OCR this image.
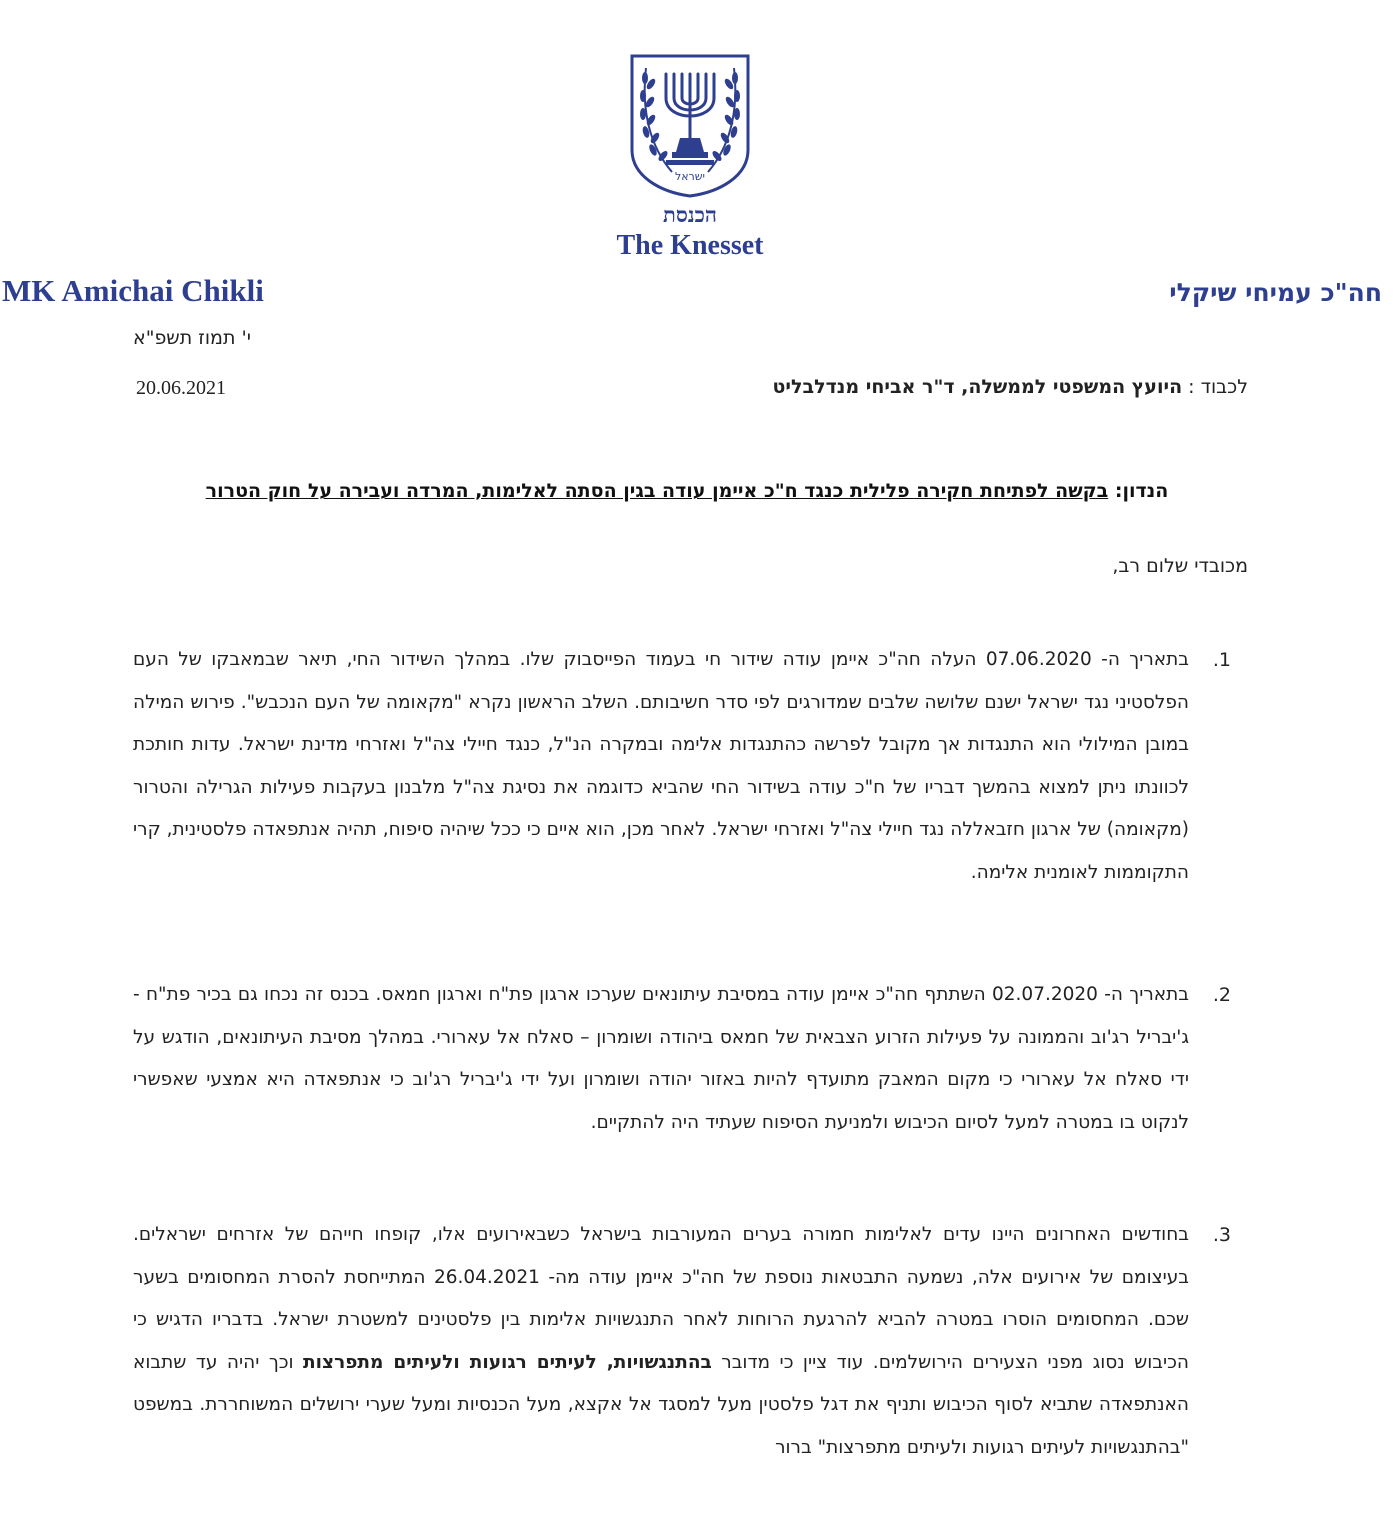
ישראל
הכנסת
The Knesset
MK Amichai Chikli	חה"כ עמיחי שיקלי
י' תמוז תשפ"א
20.06.2021	לכבוד : היועץ המשפטי לממשלה, ד"ר אביחי מנדלבליט
הנדון: בקשה לפתיחת חקירה פלילית כנגד ח"כ איימן עודה בגין הסתה לאלימות, המרדה ועבירה על חוק הטרור
מכובדי שלום רב,
1.
בתאריך ה- 07.06.2020 העלה חה"כ איימן עודה שידור חי בעמוד הפייסבוק שלו. במהלך השידור החי, תיאר שבמאבקו של העם הפלסטיני נגד ישראל ישנם שלושה שלבים שמדורגים לפי סדר חשיבותם. השלב הראשון נקרא "מקאומה של העם הנכבש". פירוש המילה במובן המילולי הוא התנגדות אך מקובל לפרשה כהתנגדות אלימה ובמקרה הנ"ל, כנגד חיילי צה"ל ואזרחי מדינת ישראל. עדות חותכת לכוונתו ניתן למצוא בהמשך דבריו של ח"כ עודה בשידור החי שהביא כדוגמה את נסיגת צה"ל מלבנון בעקבות פעילות הגרילה והטרור (מקאומה) של ארגון חזבאללה נגד חיילי צה"ל ואזרחי ישראל. לאחר מכן, הוא איים כי ככל שיהיה סיפוח, תהיה אנתפאדה פלסטינית, קרי התקוממות לאומנית אלימה.
2.
בתאריך ה- 02.07.2020 השתתף חה"כ איימן עודה במסיבת עיתונאים שערכו ארגון פת"ח וארגון חמאס. בכנס זה נכחו גם בכיר פת"ח - ג'יבריל רג'וב והממונה על פעילות הזרוע הצבאית של חמאס ביהודה ושומרון – סאלח אל עארורי. במהלך מסיבת העיתונאים, הודגש על ידי סאלח אל עארורי כי מקום המאבק מתועדף להיות באזור יהודה ושומרון ועל ידי ג'יבריל רג'וב כי אנתפאדה היא אמצעי שאפשרי לנקוט בו במטרה למעל לסיום הכיבוש ולמניעת הסיפוח שעתיד היה להתקיים.
3.
בחודשים האחרונים היינו עדים לאלימות חמורה בערים המעורבות בישראל כשבאירועים אלו, קופחו חייהם של אזרחים ישראלים. בעיצומם של אירועים אלה, נשמעה התבטאות נוספת של חה"כ איימן עודה מה- 26.04.2021 המתייחסת להסרת המחסומים בשער שכם. המחסומים הוסרו במטרה להביא להרגעת הרוחות לאחר התנגשויות אלימות בין פלסטינים למשטרת ישראל. בדבריו הדגיש כי הכיבוש נסוג מפני הצעירים הירושלמים. עוד ציין כי מדובר בהתנגשויות, לעיתים רגועות ולעיתים מתפרצות וכך יהיה עד שתבוא האנתפאדה שתביא לסוף הכיבוש ותניף את דגל פלסטין מעל למסגד אל אקצא, מעל הכנסיות ומעל שערי ירושלים המשוחררת. במשפט "בהתנגשויות לעיתים רגועות ולעיתים מתפרצות" ברור
